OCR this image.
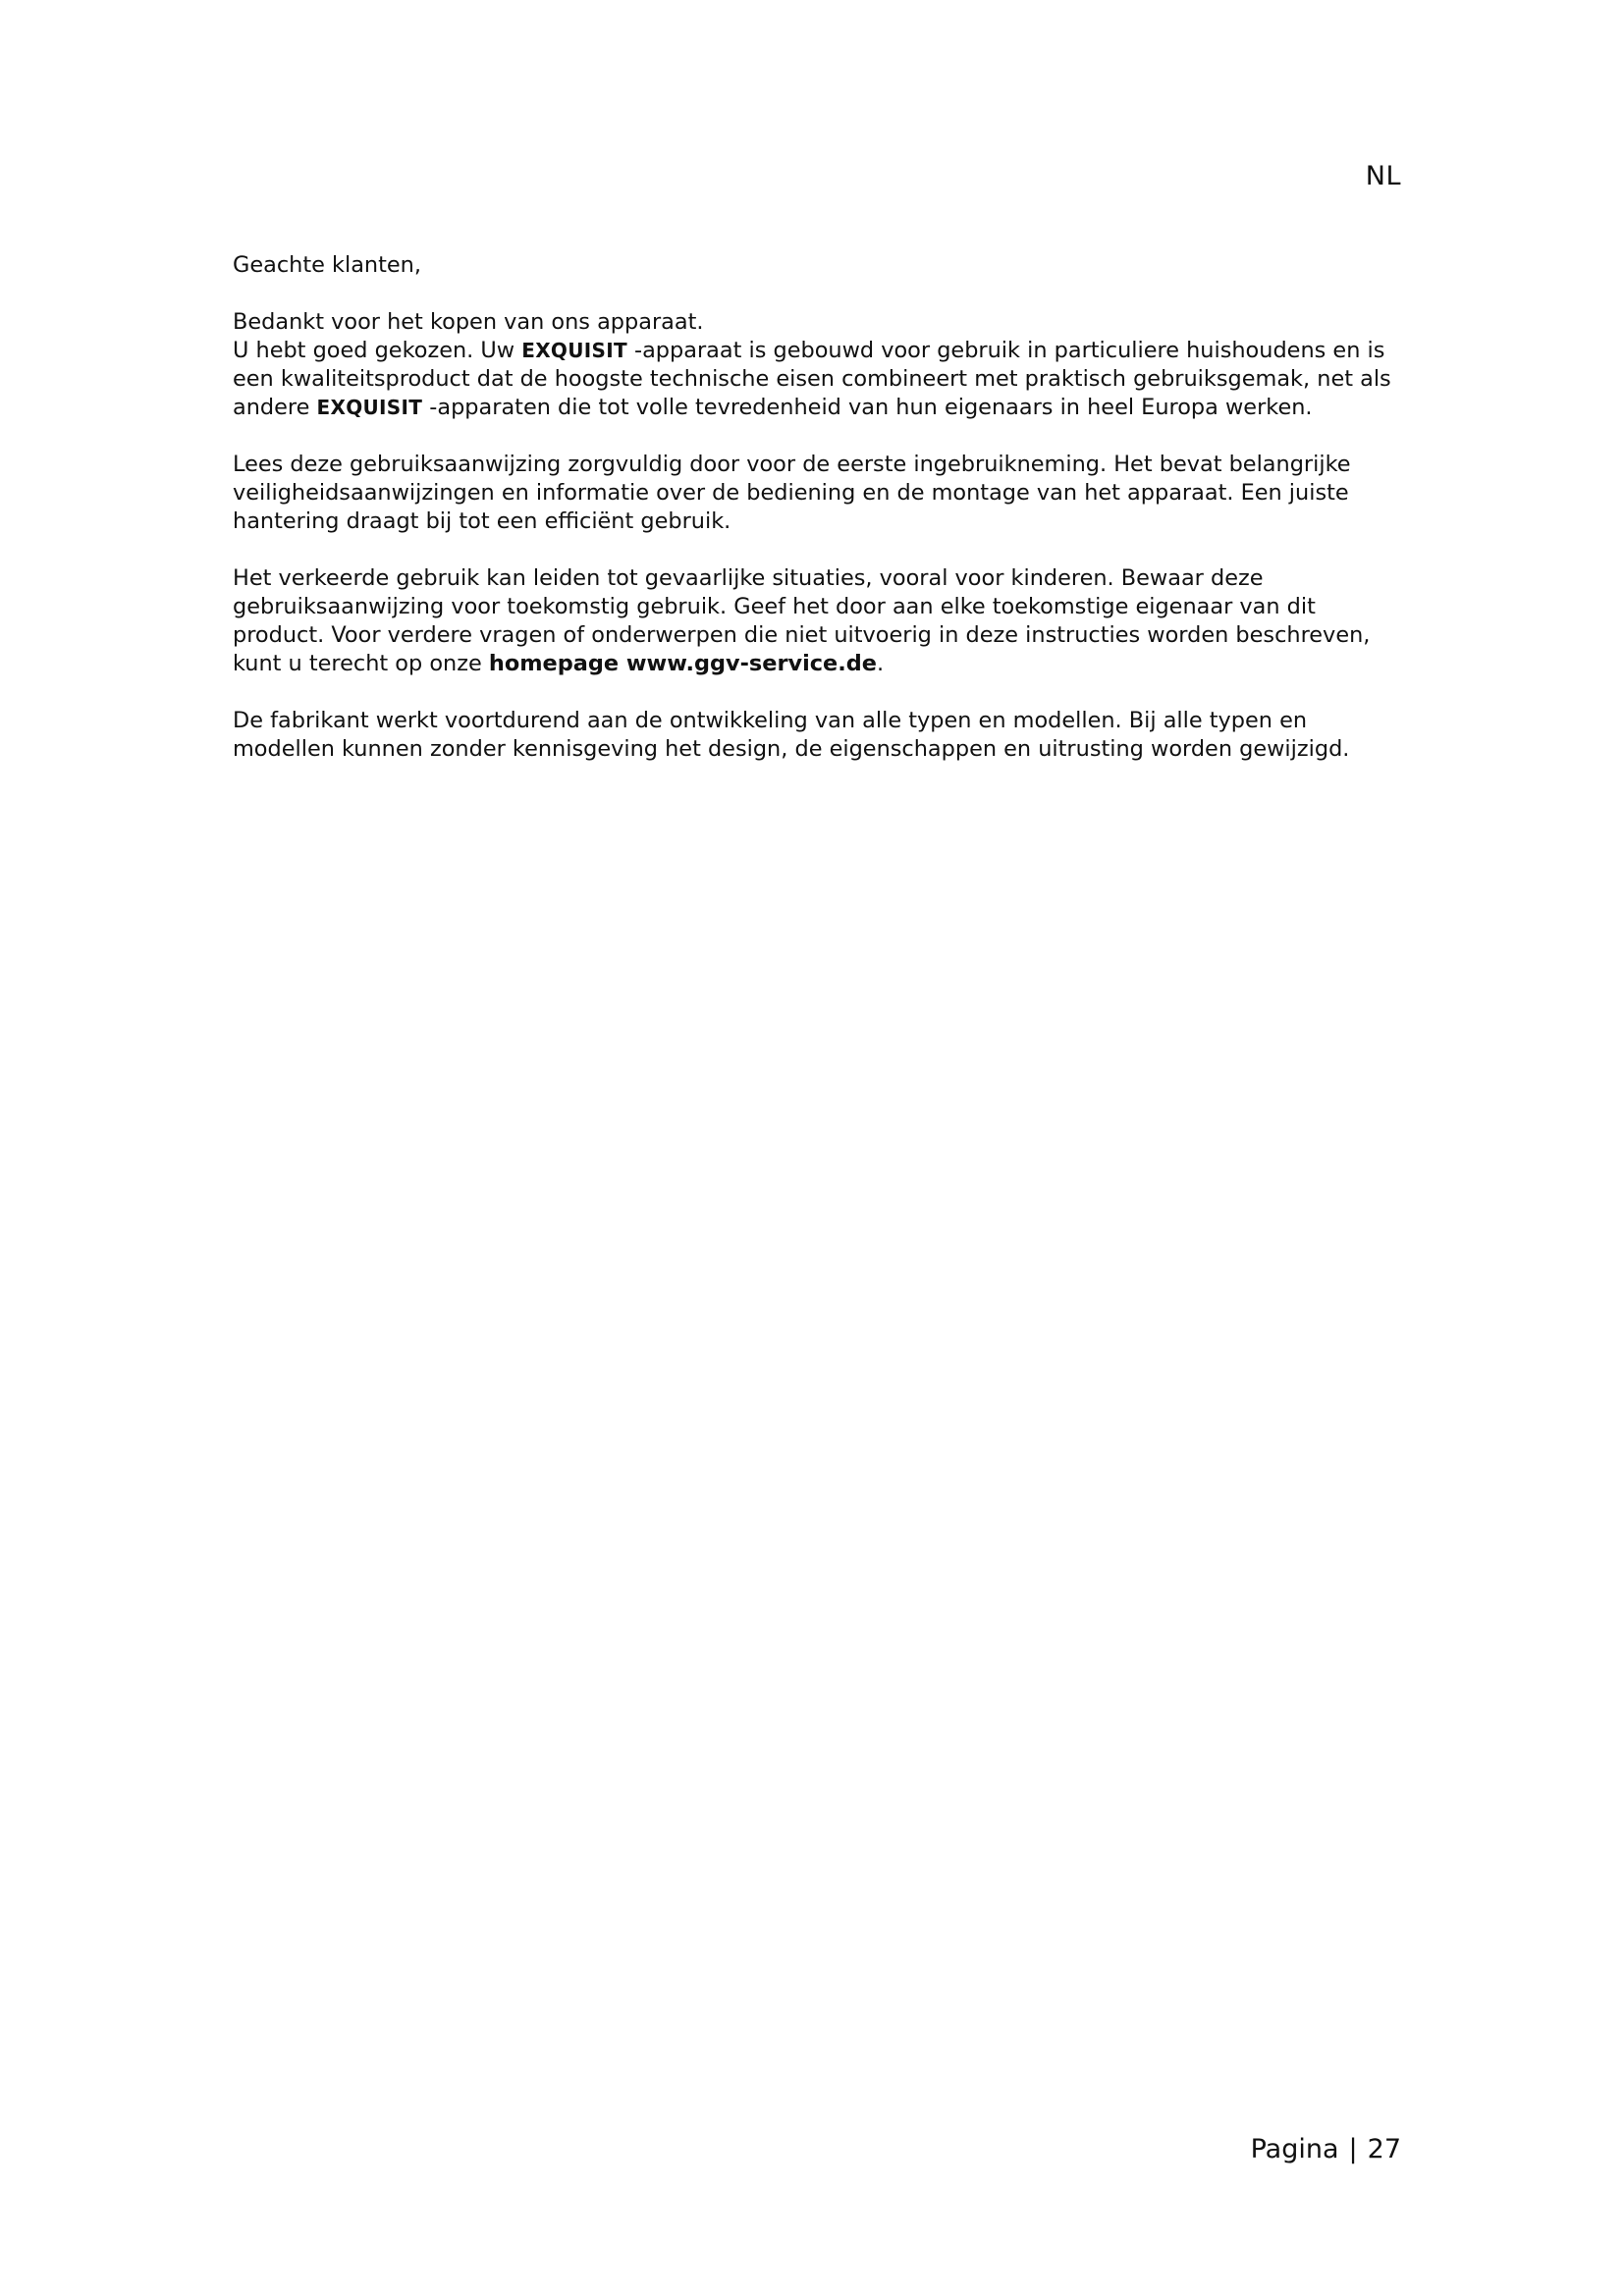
NL

Geachte klanten,

Bedankt voor het kopen van ons apparaat.

U hebt goed gekozen. Uw EXQUISIT -apparaat is gebouwd voor gebruik in particuliere huishoudens en is een kwaliteitsproduct dat de hoogste technische eisen combineert met praktisch gebruiksgemak, net als andere EXQUISIT -apparaten die tot volle tevredenheid van hun eigenaars in heel Europa werken.

Lees deze gebruiksaanwijzing zorgvuldig door voor de eerste ingebruikneming. Het bevat belangrijke veiligheidsaanwijzingen en informatie over de bediening en de montage van het apparaat. Een juiste hantering draagt bij tot een efficiënt gebruik.

Het verkeerde gebruik kan leiden tot gevaarlijke situaties, vooral voor kinderen. Bewaar deze gebruiksaanwijzing voor toekomstig gebruik. Geef het door aan elke toekomstige eigenaar van dit product. Voor verdere vragen of onderwerpen die niet uitvoerig in deze instructies worden beschreven, kunt u terecht op onze homepage www.ggv-service.de.

De fabrikant werkt voortdurend aan de ontwikkeling van alle typen en modellen. Bij alle typen en modellen kunnen zonder kennisgeving het design, de eigenschappen en uitrusting worden gewijzigd.

Pagina | 27
